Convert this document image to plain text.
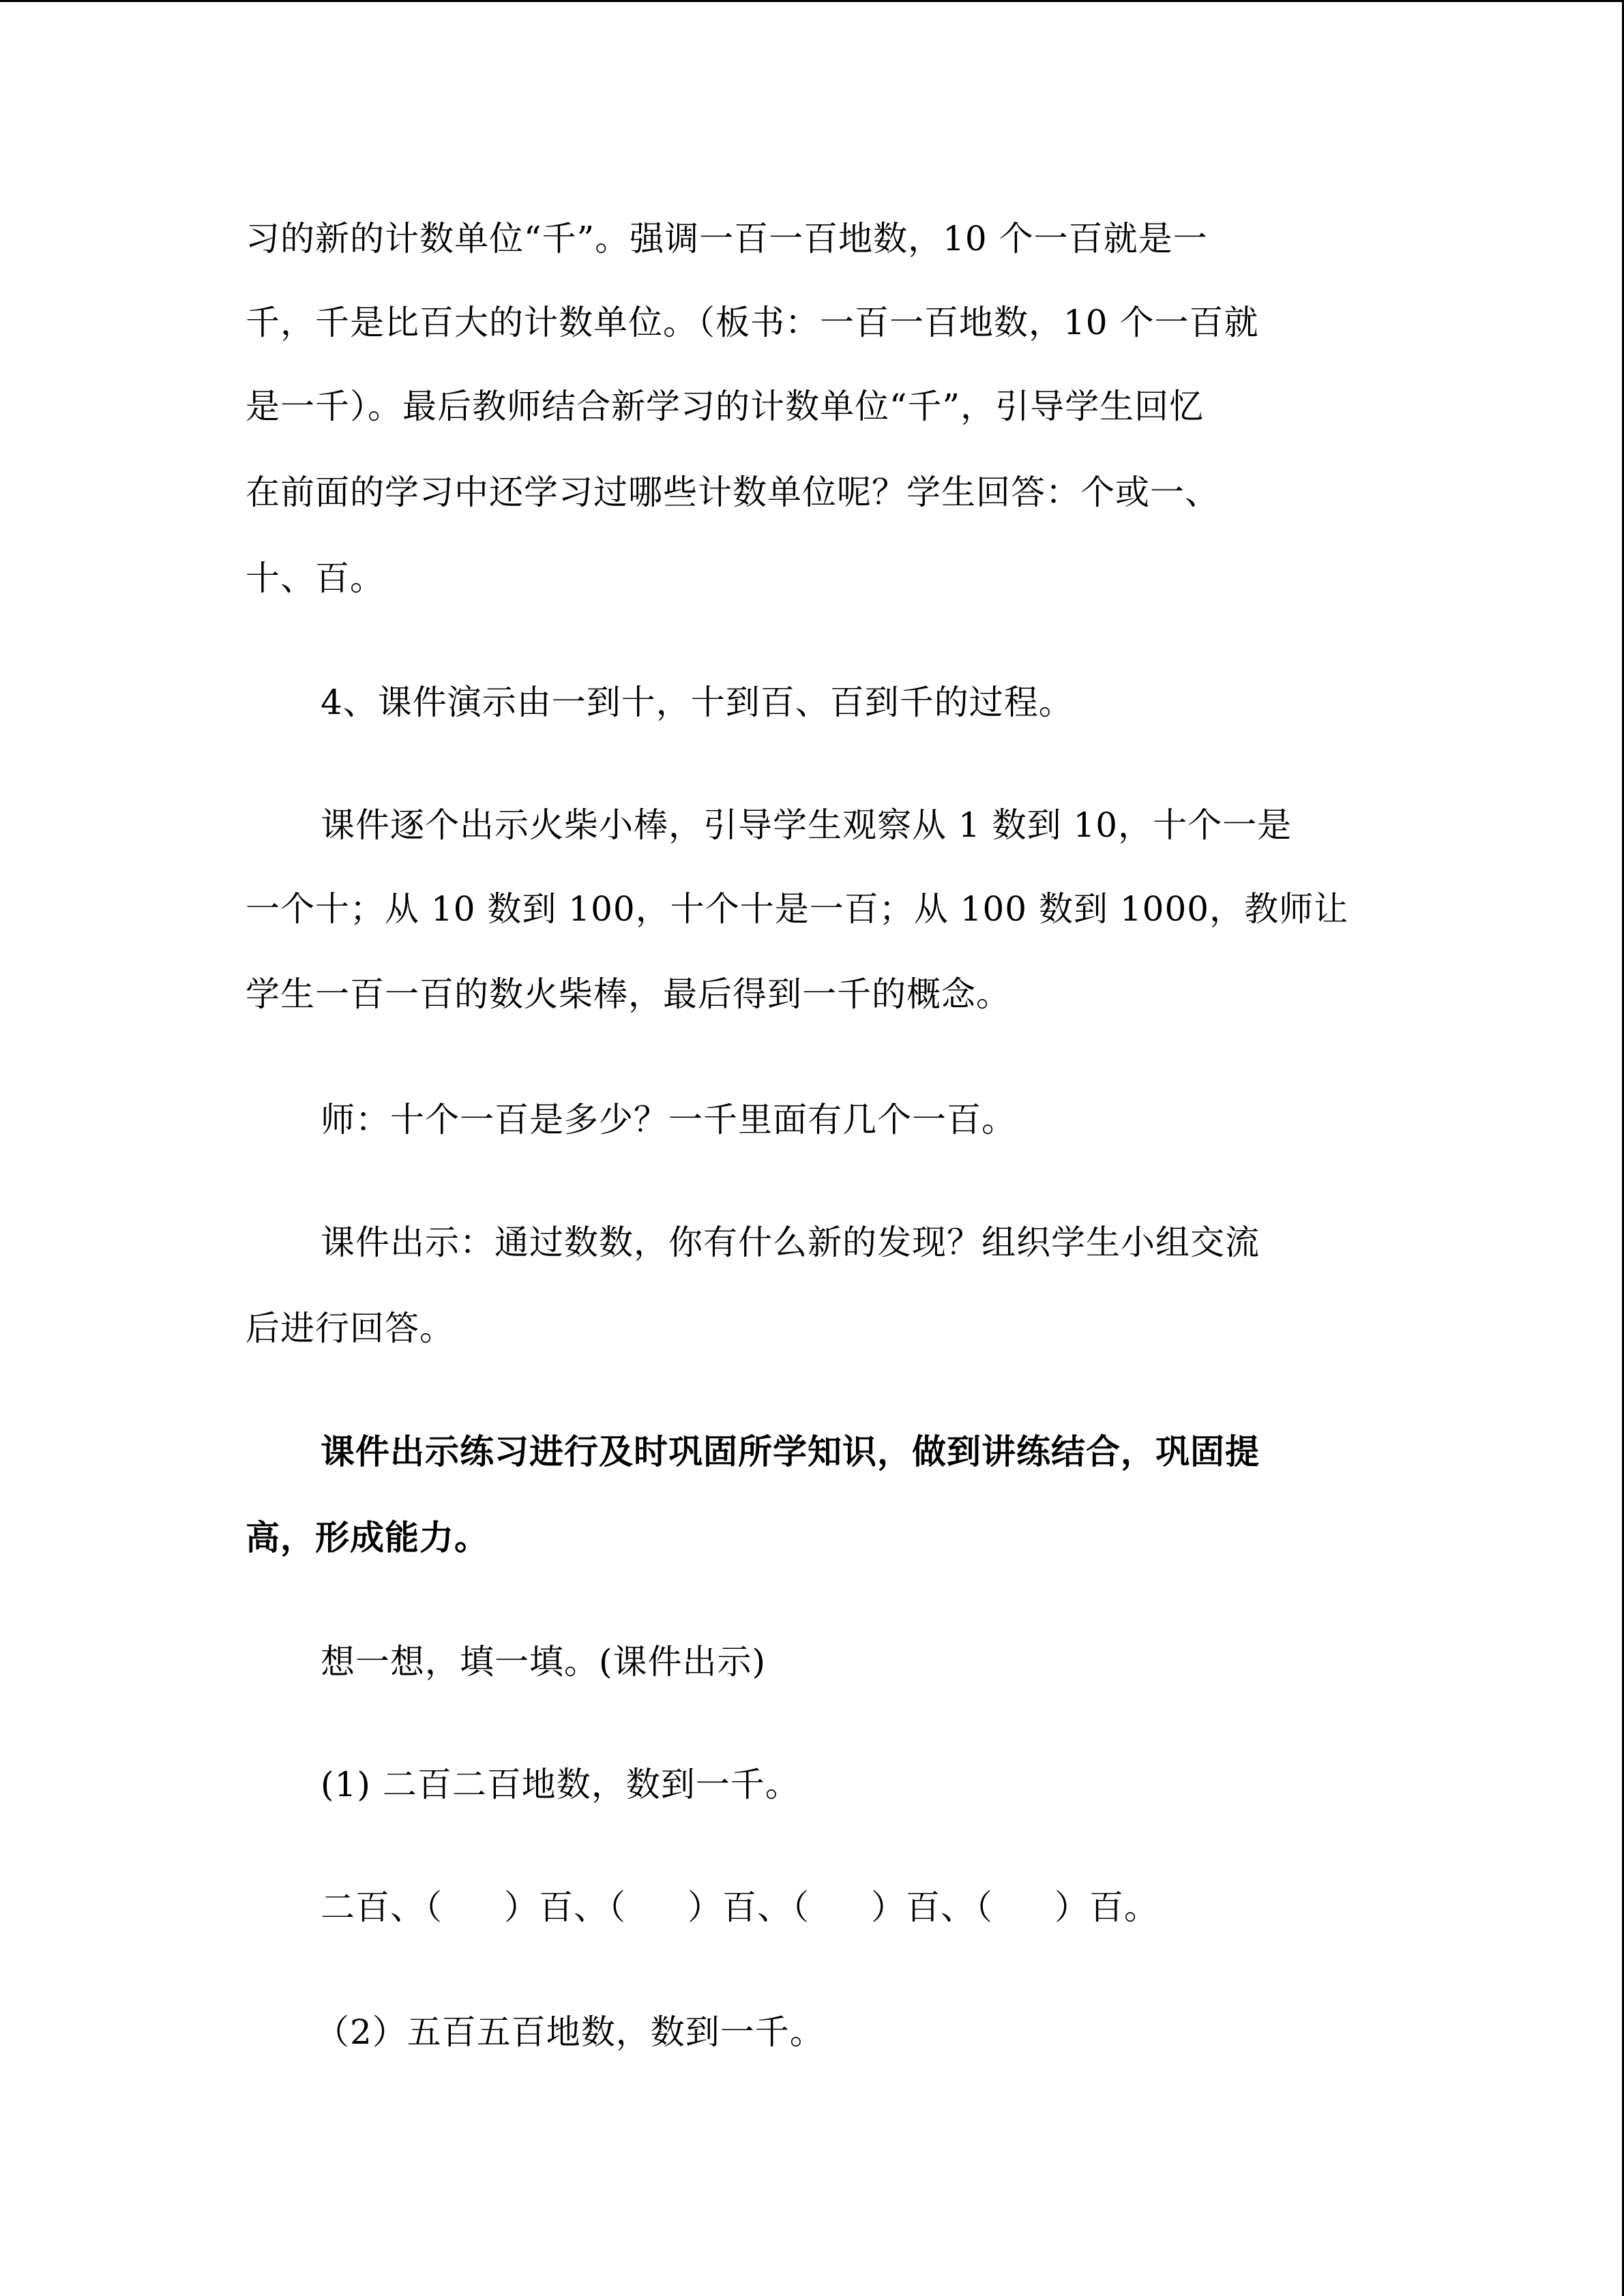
习的新的计数单位“千”。强调一百一百地数，10 个一百就是一
千，千是比百大的计数单位。（板书：一百一百地数，10 个一百就
是一千）。最后教师结合新学习的计数单位“千”，引导学生回忆
在前面的学习中还学习过哪些计数单位呢？学生回答：个或一、
十、百。
4、课件演示由一到十，十到百、百到千的过程。
课件逐个出示火柴小棒，引导学生观察从 1 数到 10，十个一是
一个十；从 10 数到 100，十个十是一百；从 100 数到 1000，教师让
学生一百一百的数火柴棒，最后得到一千的概念。
师：十个一百是多少？一千里面有几个一百。
课件出示：通过数数，你有什么新的发现？组织学生小组交流
后进行回答。
课件出示练习进行及时巩固所学知识，做到讲练结合，巩固提
高，形成能力。
想一想，填一填。(课件出示)
(1) 二百二百地数，数到一千。
二百、（ ）百、（ ）百、（ ）百、（ ）百。
（2）五百五百地数，数到一千。
